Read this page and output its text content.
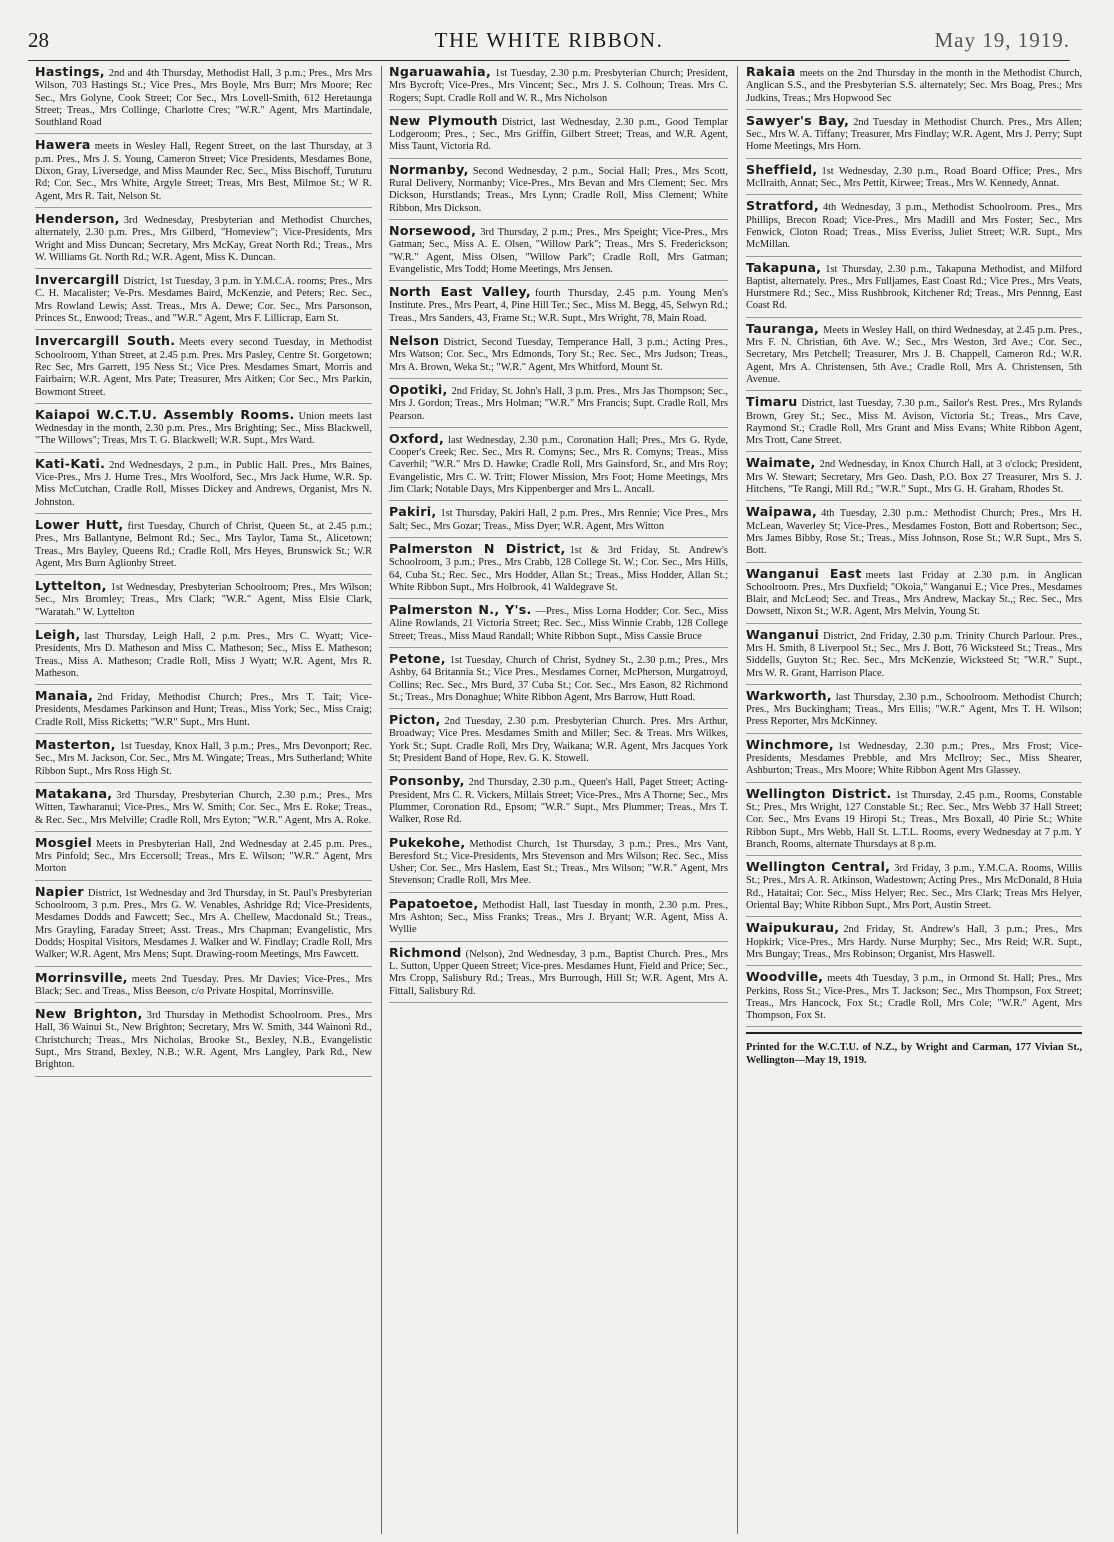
28	THE WHITE RIBBON.	May 19, 1919.
Hastings, 2nd and 4th Thursday, Methodist Hall, 3 p.m.; Pres., Mrs Mrs Wilson, 703 Hastings St.; Vice Pres., Mrs Boyle, Mrs Burr; Mrs Moore; Rec Sec., Mrs Golyne, Cook Street; Cor Sec., Mrs Lovell-Smith, 612 Heretaunga Street; Treas., Mrs Collinge, Charlotte Cres; "W.R." Agent, Mrs Martindale, Southland Road
Hawera meets in Wesley Hall, Regent Street, on the last Thursday, at 3 p.m. Pres., Mrs J. S. Young, Cameron Street; Vice Presidents, Mesdames Bone, Dixon, Gray, Liversedge, and Miss Maunder Rec. Sec., Miss Bischoff, Turuturu Rd; Cor. Sec., Mrs White, Argyle Street; Treas, Mrs Best, Milmoe St.; W R. Agent, Mrs R. Tait, Nelson St.
Henderson, 3rd Wednesday, Presbyterian and Methodist Churches, alternately, 2.30 p.m. Pres., Mrs Gilberd, "Homeview"; Vice-Presidents, Mrs Wright and Miss Duncan; Secretary, Mrs McKay, Great North Rd.; Treas., Mrs W. Williams Gt. North Rd.; W.R. Agent, Miss K. Duncan.
Invercargill District, 1st Tuesday, 3 p.m. in Y.M.C.A. rooms; Pres., Mrs C. H. Macalister; Ve-Prs. Mesdames Baird, McKenzie, and Peters; Rec. Sec., Mrs Rowland Lewis; Asst. Treas., Mrs A. Dewe; Cor. Sec., Mrs Parsonson, Princes St., Enwood; Treas., and "W.R." Agent, Mrs F. Lillicrap, Earn St.
Invercargill South. Meets every second Tuesday, in Methodist Schoolroom, Ythan Street, at 2.45 p.m. Pres. Mrs Pasley, Centre St. Gorgetown; Rec Sec, Mrs Garrett, 195 Ness St.; Vice Pres. Mesdames Smart, Morris and Fairbairn; W.R. Agent, Mrs Pate; Treasurer, Mrs Aitken; Cor Sec., Mrs Parkin, Bowmont Street.
Kaiapoi W.C.T.U. Assembly Rooms. Union meets last Wednesday in the month, 2.30 p.m. Pres., Mrs Brighting; Sec., Miss Blackwell, "The Willows"; Treas, Mrs T. G. Blackwell; W.R. Supt., Mrs Ward.
Kati-Kati. 2nd Wednesdays, 2 p.m., in Public Hall. Pres., Mrs Baines, Vice-Pres., Mrs J. Hume Tres., Mrs Woolford, Sec., Mrs Jack Hume, W.R. Sp. Miss McCutchan, Cradle Roll, Misses Dickey and Andrews, Organist, Mrs N. Johnston.
Lower Hutt, first Tuesday, Church of Christ, Queen St., at 2.45 p.m.; Pres., Mrs Ballantyne, Belmont Rd.; Sec., Mrs Taylor, Tama St., Alicetown; Treas., Mrs Bayley, Queens Rd.; Cradle Roll, Mrs Heyes, Brunswick St.; W.R Agent, Mrs Burn Aglionby Street.
Lyttelton, 1st Wednesday, Presbyterian Schoolroom; Pres., Mrs Wilson; Sec., Mrs Bromley; Treas., Mrs Clark; "W.R." Agent, Miss Elsie Clark, "Waratah." W. Lyttelton
Leigh, last Thursday, Leigh Hall, 2 p.m. Pres., Mrs C. Wyatt; Vice-Presidents, Mrs D. Matheson and Miss C. Matheson; Sec., Miss E. Matheson; Treas., Miss A. Matheson; Cradle Roll, Miss J Wyatt; W.R. Agent, Mrs R. Matheson.
Manaia, 2nd Friday, Methodist Church; Pres., Mrs T. Tait; Vice-Presidents, Mesdames Parkinson and Hunt; Treas., Miss York; Sec., Miss Craig; Cradle Roll, Miss Ricketts; "W.R" Supt., Mrs Hunt.
Masterton, 1st Tuesday, Knox Hall, 3 p.m.; Pres., Mrs Devonport; Rec. Sec., Mrs M. Jackson, Cor. Sec., Mrs M. Wingate; Treas., Mrs Sutherland; White Ribbon Supt., Mrs Ross High St.
Matakana, 3rd Thursday, Presbyterian Church, 2.30 p.m.; Pres., Mrs Witten, Tawharanui; Vice-Pres., Mrs W. Smith; Cor. Sec., Mrs E. Roke; Treas., & Rec. Sec., Mrs Melville; Cradle Roll, Mrs Eyton; "W.R." Agent, Mrs A. Roke.
Mosgiel Meets in Presbyterian Hall, 2nd Wednesday at 2.45 p.m. Pres., Mrs Pinfold; Sec., Mrs Eccersoll; Treas., Mrs E. Wilson; "W.R." Agent, Mrs Morton
Napier District, 1st Wednesday and 3rd Thursday, in St. Paul's Presbyterian Schoolroom, 3 p.m. Pres., Mrs G. W. Venables, Ashridge Rd; Vice-Presidents, Mesdames Dodds and Fawcett; Sec., Mrs A. Chellew, Macdonald St.; Treas., Mrs Grayling, Faraday Street; Asst. Treas., Mrs Chapman; Evangelistic, Mrs Dodds; Hospital Visitors, Mesdames J. Walker and W. Findlay; Cradle Roll, Mrs Walker; W.R. Agent, Mrs Mens; Supt. Drawing-room Meetings, Mrs Fawcett.
Morrinsville, meets 2nd Tuesday. Pres. Mr Davies; Vice-Pres., Mrs Black; Sec. and Treas., Miss Beeson, c/o Private Hospital, Morrinsville.
New Brighton, 3rd Thursday in Methodist Schoolroom. Pres., Mrs Hall, 36 Wainui St., New Brighton; Secretary, Mrs W. Smith, 344 Wainoni Rd., Christchurch; Treas., Mrs Nicholas, Brooke St., Bexley, N.B., Evangelistic Supt., Mrs Strand, Bexley, N.B.; W.R. Agent, Mrs Langley, Park Rd., New Brighton.
Ngaruawahia, 1st Tuesday, 2.30 p.m. Presbyterian Church; President, Mrs Bycroft; Vice-Pres., Mrs Vincent; Sec., Mrs J. S. Colhoun; Treas. Mrs C. Rogers; Supt. Cradle Roll and W. R., Mrs Nicholson
New Plymouth District, last Wednesday, 2.30 p.m., Good Templar Lodgeroom; Pres., ; Sec., Mrs Griffin, Gilbert Street; Treas, and W.R. Agent, Miss Taunt, Victoria Rd.
Normanby, Second Wednesday, 2 p.m., Social Hall; Pres., Mrs Scott, Rural Delivery, Normanby; Vice-Pres., Mrs Bevan and Mrs Clement; Sec. Mrs Dickson, Hurstlands; Treas., Mrs Lynn; Cradle Roll, Miss Clement; White Ribbon, Mrs Dickson.
Norsewood, 3rd Thursday, 2 p.m.; Pres., Mrs Speight; Vice-Pres., Mrs Gatman; Sec., Miss A. E. Olsen, "Willow Park"; Treas., Mrs S. Frederickson; "W.R." Agent, Miss Olsen, "Willow Park"; Cradle Roll, Mrs Gatman; Evangelistic, Mrs Todd; Home Meetings, Mrs Jensen.
North East Valley, fourth Thursday, 2.45 p.m. Young Men's Institute. Pres., Mrs Peart, 4, Pine Hill Ter.; Sec., Miss M. Begg, 45, Selwyn Rd.; Treas., Mrs Sanders, 43, Frame St.; W.R. Supt., Mrs Wright, 78, Main Road.
Nelson District, Second Tuesday, Temperance Hall, 3 p.m.; Acting Pres., Mrs Watson; Cor. Sec., Mrs Edmonds, Tory St.; Rec. Sec., Mrs Judson; Treas., Mrs A. Brown, Weka St.; "W.R." Agent, Mrs Whitford, Mount St.
Opotiki, 2nd Friday, St. John's Hall, 3 p.m. Pres., Mrs Jas Thompson; Sec., Mrs J. Gordon; Treas., Mrs Holman; "W.R." Mrs Francis; Supt. Cradle Roll, Mrs Pearson.
Oxford, last Wednesday, 2.30 p.m., Coronation Hall; Pres., Mrs G. Ryde, Cooper's Creek; Rec. Sec., Mrs R. Comyns; Sec., Mrs R. Comyns; Treas., Miss Caverhil; "W.R." Mrs D. Hawke; Cradle Roll, Mrs Gainsford, Sr., and Mrs Roy; Evangelistic, Mrs C. W. Tritt; Flower Mission, Mrs Foot; Home Meetings, Mrs Jim Clark; Notable Days, Mrs Kippenberger and Mrs L. Ancall.
Pakiri, 1st Thursday, Pakiri Hall, 2 p.m. Pres., Mrs Rennie; Vice Pres., Mrs Salt; Sec., Mrs Gozar; Treas., Miss Dyer; W.R. Agent, Mrs Witton
Palmerston N District, 1st & 3rd Friday, St. Andrew's Schoolroom, 3 p.m.; Pres., Mrs Crabb, 128 College St. W.; Cor. Sec., Mrs Hills, 64, Cuba St.; Rec. Sec., Mrs Hodder, Allan St.; Treas., Miss Hodder, Allan St.; White Ribbon Supt., Mrs Holbrook, 41 Waldegrave St.
Palmerston N., Y's. —Pres., Miss Lorna Hodder; Cor. Sec., Miss Aline Rowlands, 21 Victoria Street; Rec. Sec., Miss Winnie Crabb, 128 College Street; Treas., Miss Maud Randall; White Ribbon Supt., Miss Cassie Bruce
Petone, 1st Tuesday, Church of Christ, Sydney St., 2.30 p.m.; Pres., Mrs Ashby, 64 Britannia St.; Vice Pres., Mesdames Corner, McPherson, Murgatroyd, Collins; Rec. Sec., Mrs Burd, 37 Cuba St.; Cor. Sec., Mrs Eason, 82 Richmond St.; Treas., Mrs Donaghue; White Ribbon Agent, Mrs Barrow, Hutt Road.
Picton, 2nd Tuesday, 2.30 p.m. Presbyterian Church. Pres. Mrs Arthur, Broadway; Vice Pres. Mesdames Smith and Miller; Sec. & Treas. Mrs Wilkes, York St.; Supt. Cradle Roll, Mrs Dry, Waikana; W.R. Agent, Mrs Jacques York St; President Band of Hope, Rev. G. K. Stowell.
Ponsonby, 2nd Thursday, 2.30 p.m., Queen's Hall, Paget Street; Acting-President, Mrs C. R. Vickers, Millais Street; Vice-Pres., Mrs A Thorne; Sec., Mrs Plummer, Coronation Rd., Epsom; "W.R." Supt., Mrs Plummer; Treas., Mrs T. Walker, Rose Rd.
Pukekohe, Methodist Church, 1st Thursday, 3 p.m.; Pres., Mrs Vant, Beresford St.; Vice-Presidents, Mrs Stevenson and Mrs Wilson; Rec. Sec., Miss Usher; Cor. Sec., Mrs Haslem, East St.; Treas., Mrs Wilson; "W.R." Agent, Mrs Stevenson; Cradle Roll, Mrs Mee.
Papatoetoe, Methodist Hall, last Tuesday in month, 2.30 p.m. Pres., Mrs Ashton; Sec., Miss Franks; Treas., Mrs J. Bryant; W.R. Agent, Miss A. Wyllie
Richmond (Nelson), 2nd Wednesday, 3 p.m., Baptist Church. Pres., Mrs L. Sutton, Upper Queen Street; Vice-pres. Mesdames Hunt, Field and Price; Sec., Mrs Cropp, Salisbury Rd.; Treas., Mrs Burrough, Hill St; W.R. Agent, Mrs A. Fittall, Salisbury Rd.
Rakaia meets on the 2nd Thursday in the month in the Methodist Church, Anglican S.S., and the Presbyterian S.S. alternately; Sec. Mrs Boag, Pres.; Mrs Judkins, Treas.; Mrs Hopwood Sec
Sawyer's Bay, 2nd Tuesday in Methodist Church. Pres., Mrs Allen; Sec., Mrs W. A. Tiffany; Treasurer, Mrs Findlay; W.R. Agent, Mrs J. Perry; Supt Home Meetings, Mrs Horn.
Sheffield, 1st Wednesday, 2.30 p.m., Road Board Office; Pres., Mrs McIlraith, Annat; Sec., Mrs Pettit, Kirwee; Treas., Mrs W. Kennedy, Annat.
Stratford, 4th Wednesday, 3 p.m., Methodist Schoolroom. Pres., Mrs Phillips, Brecon Road; Vice-Pres., Mrs Madill and Mrs Foster; Sec., Mrs Fenwick, Cloton Road; Treas., Miss Everiss, Juliet Street; W.R. Supt., Mrs McMillan.
Takapuna, 1st Thursday, 2.30 p.m., Takapuna Methodist, and Milford Baptist, alternately. Pres., Mrs Fulljames, East Coast Rd.; Vice Pres., Mrs Veats, Hurstmere Rd.; Sec., Miss Rushbrook, Kitchener Rd; Treas., Mrs Pennng, East Coast Rd.
Tauranga, Meets in Wesley Hall, on third Wednesday, at 2.45 p.m. Pres., Mrs F. N. Christian, 6th Ave. W.; Sec., Mrs Weston, 3rd Ave.; Cor. Sec., Secretary, Mrs Petchell; Treasurer, Mrs J. B. Chappell, Cameron Rd.; W.R. Agent, Mrs A. Christensen, 5th Ave.; Cradle Roll, Mrs A. Christensen, 5th Avenue.
Timaru District, last Tuesday, 7.30 p.m., Sailor's Rest. Pres., Mrs Rylands Brown, Grey St.; Sec., Miss M. Avison, Victoria St.; Treas., Mrs Cave, Raymond St.; Cradle Roll, Mrs Grant and Miss Evans; White Ribbon Agent, Mrs Trott, Cane Street.
Waimate, 2nd Wednesday, in Knox Church Hall, at 3 o'clock; President, Mrs W. Stewart; Secretary, Mrs Geo. Dash, P.O. Box 27 Treasurer, Mrs S. J. Hitchens, "Te Rangi, Mill Rd.; "W.R." Supt., Mrs G. H. Graham, Rhodes St.
Waipawa, 4th Tuesday, 2.30 p.m.: Methodist Church; Pres., Mrs H. McLean, Waverley St; Vice-Pres., Mesdames Foston, Bott and Robertson; Sec., Mrs James Bibby, Rose St.; Treas., Miss Johnson, Rose St.; W.R Supt., Mrs S. Bott.
Wanganui East meets last Friday at 2.30 p.m. in Anglican Schoolroom. Pres., Mrs Duxfield; "Okoia," Wanganui E.; Vice Pres., Mesdames Blair, and McLeod; Sec. and Treas., Mrs Andrew, Mackay St.,; Rec. Sec., Mrs Dowsett, Nixon St.; W.R. Agent, Mrs Melvin, Young St.
Wanganui District, 2nd Friday, 2.30 p.m. Trinity Church Parlour. Pres., Mrs H. Smith, 8 Liverpool St.; Sec., Mrs J. Bott, 76 Wicksteed St.; Treas., Mrs Siddells, Guyton St.; Rec. Sec., Mrs McKenzie, Wicksteed St; "W.R." Supt., Mrs W. R. Grant, Harrison Place.
Warkworth, last Thursday, 2.30 p.m., Schoolroom. Methodist Church; Pres., Mrs Buckingham; Treas., Mrs Ellis; "W.R." Agent, Mrs T. H. Wilson; Press Reporter, Mrs McKinney.
Winchmore, 1st Wednesday, 2.30 p.m.; Pres., Mrs Frost; Vice-Presidents, Mesdames Prebble, and Mrs McIlroy; Sec., Miss Shearer, Ashburton; Treas., Mrs Moore; White Ribbon Agent Mrs Glassey.
Wellington District. 1st Thursday, 2.45 p.m., Rooms, Constable St.; Pres., Mrs Wright, 127 Constable St.; Rec. Sec., Mrs Webb 37 Hall Street; Cor. Sec., Mrs Evans 19 Hiropi St.; Treas., Mrs Boxall, 40 Pirie St.; White Ribbon Supt., Mrs Webb, Hall St. L.T.L. Rooms, every Wednesday at 7 p.m. Y Branch, Rooms, alternate Thursdays at 8 p.m.
Wellington Central, 3rd Friday, 3 p.m., Y.M.C.A. Rooms, Willis St.; Pres., Mrs A. R. Atkinson, Wadestown; Acting Pres., Mrs McDonald, 8 Huia Rd., Hataitai; Cor. Sec., Miss Helyer; Rec. Sec., Mrs Clark; Treas Mrs Helyer, Oriental Bay; White Ribbon Supt., Mrs Port, Austin Street.
Waipukurau, 2nd Friday, St. Andrew's Hall, 3 p.m.; Pres., Mrs Hopkirk; Vice-Pres., Mrs Hardy. Nurse Murphy; Sec., Mrs Reid; W.R. Supt., Mrs Bungay; Treas., Mrs Robinson; Organist, Mrs Haswell.
Woodville, meets 4th Tuesday, 3 p.m., in Ormond St. Hall; Pres., Mrs Perkins, Ross St.; Vice-Pres., Mrs T. Jackson; Sec., Mrs Thompson, Fox Street; Treas., Mrs Hancock, Fox St.; Cradle Roll, Mrs Cole; "W.R." Agent, Mrs Thompson, Fox St.
Printed for the W.C.T.U. of N.Z., by Wright and Carman, 177 Vivian St., Wellington—May 19, 1919.
